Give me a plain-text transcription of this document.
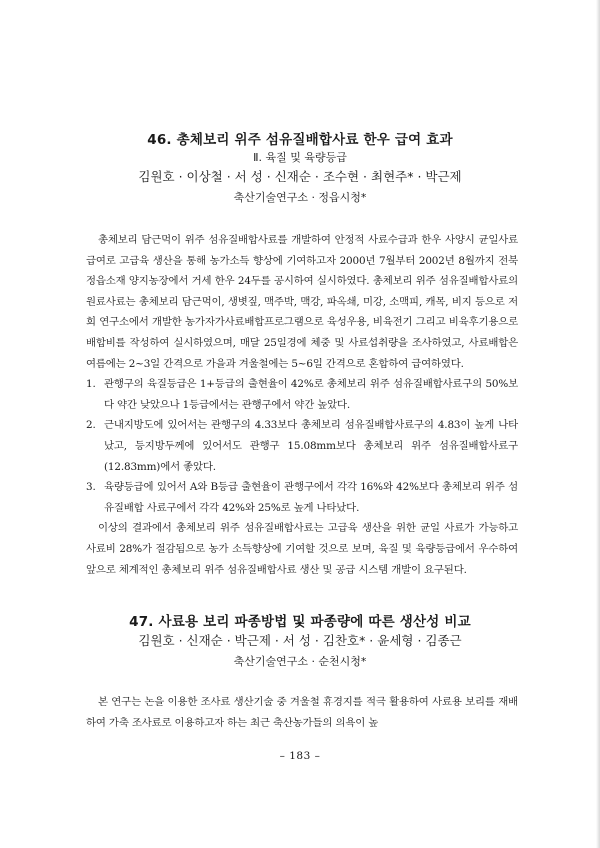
46. 총체보리 위주 섬유질배합사료 한우 급여 효과
Ⅱ. 육질 및 육량등급
김원호 · 이상철 · 서 성 · 신재순 · 조수현 · 최현주* · 박근제
축산기술연구소 · 정읍시청*

총체보리 담근먹이 위주 섬유질배합사료를 개발하여 안정적 사료수급과 한우 사양시 균일사료 급여로 고급육 생산을 통해 농가소득 향상에 기여하고자 2000년 7월부터 2002년 8월까지 전북 정읍소재 양지농장에서 거세 한우 24두를 공시하여 실시하였다. 총체보리 위주 섬유질배합사료의 원료사료는 총체보리 담근먹이, 생볏짚, 맥주박, 맥강, 파옥쇄, 미강, 소맥피, 캐목, 비지 등으로 저희 연구소에서 개발한 농가자가사료배합프로그램으로 육성우용, 비육전기 그리고 비육후기용으로 배합비를 작성하여 실시하였으며, 매달 25일경에 체중 및 사료섭취량을 조사하였고, 사료배합은 여름에는 2~3일 간격으로 가을과 겨울철에는 5~6일 간격으로 혼합하여 급여하였다.

1. 관행구의 육질등급은 1+등급의 출현율이 42%로 총체보리 위주 섬유질배합사료구의 50%보다 약간 낮았으나 1등급에서는 관행구에서 약간 높았다.
2. 근내지방도에 있어서는 관행구의 4.33보다 총체보리 섬유질배합사료구의 4.83이 높게 나타났고, 등지방두께에 있어서도 관행구 15.08mm보다 총체보리 위주 섬유질배합사료구(12.83mm)에서 좋았다.
3. 육량등급에 있어서 A와 B등급 출현율이 관행구에서 각각 16%와 42%보다 총체보리 위주 섬유질배합 사료구에서 각각 42%와 25%로 높게 나타났다.

이상의 결과에서 총체보리 위주 섬유질배합사료는 고급육 생산을 위한 균일 사료가 가능하고 사료비 28%가 절감됨으로 농가 소득향상에 기여할 것으로 보며, 육질 및 육량등급에서 우수하여 앞으로 체계적인 총체보리 위주 섬유질배합사료 생산 및 공급 시스템 개발이 요구된다.

47. 사료용 보리 파종방법 및 파종량에 따른 생산성 비교
김원호 · 신재순 · 박근제 · 서 성 · 김찬호* · 윤세형 · 김종근
축산기술연구소 · 순천시청*

본 연구는 논을 이용한 조사료 생산기술 중 겨울철 휴경지를 적극 활용하여 사료용 보리를 재배하여 가축 조사료로 이용하고자 하는 최근 축산농가들의 의욕이 높

– 183 –
